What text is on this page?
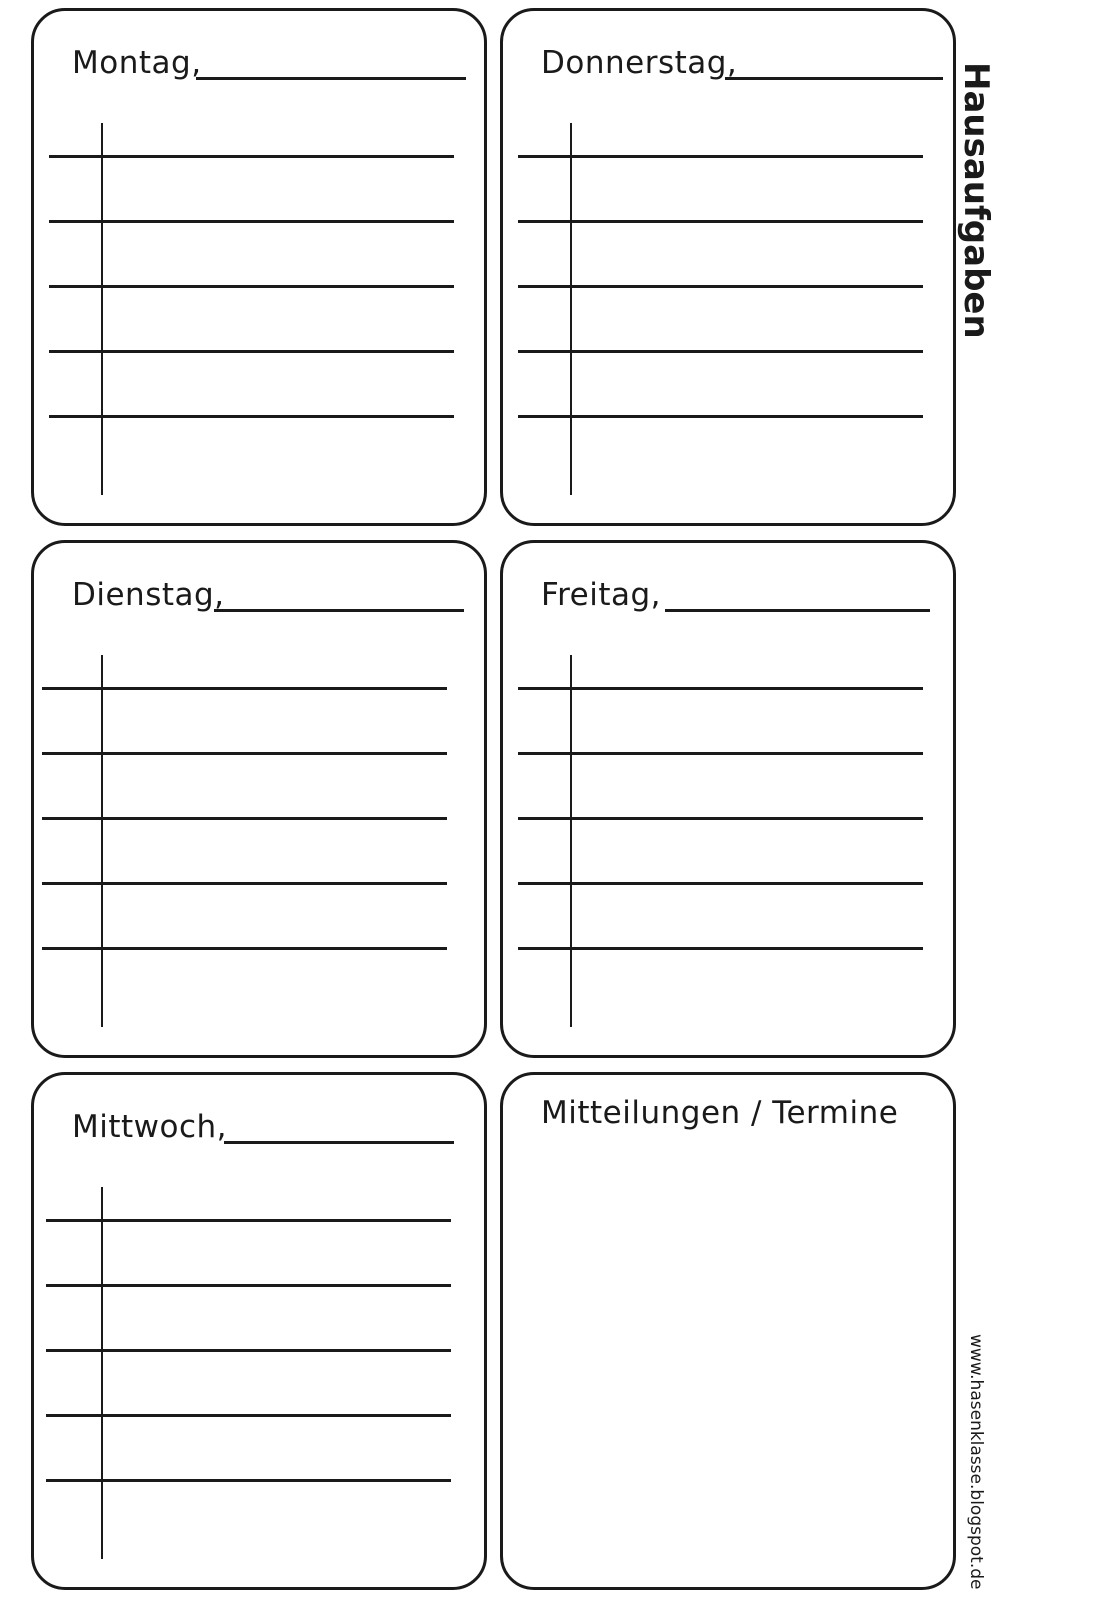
Hausaufgaben
www.hasenklasse.blogspot.de
Montag,	Donnerstag,
Dienstag,	Freitag,
Mittwoch,	Mitteilungen / Termine
